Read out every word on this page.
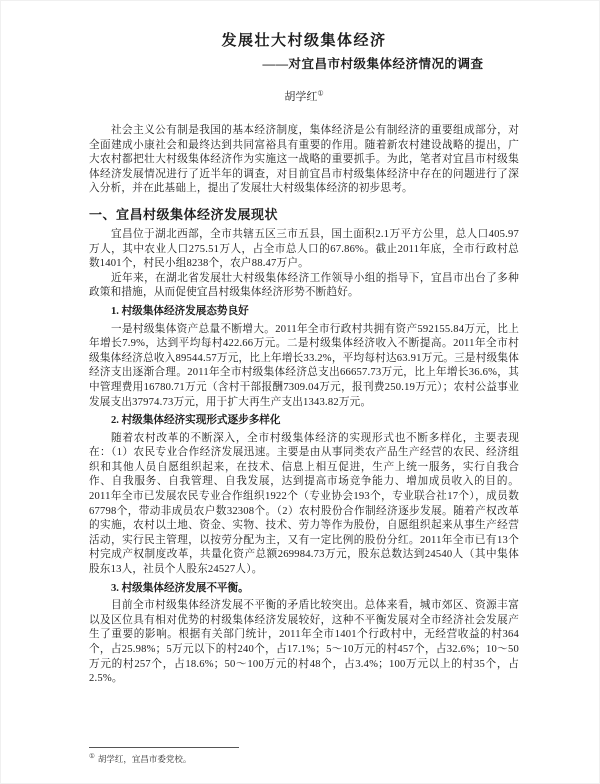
发展壮大村级集体经济
——对宜昌市村级集体经济情况的调查
胡学红①

社会主义公有制是我国的基本经济制度，集体经济是公有制经济的重要组成部分，对全面建成小康社会和最终达到共同富裕具有重要的作用。随着新农村建设战略的提出，广大农村都把壮大村级集体经济作为实施这一战略的重要抓手。为此，笔者对宜昌市村级集体经济发展情况进行了近半年的调查，对目前宜昌市村级集体经济中存在的问题进行了深入分析，并在此基础上，提出了发展壮大村级集体经济的初步思考。

一、宜昌村级集体经济发展现状

宜昌位于湖北西部，全市共辖五区三市五县，国土面积2.1万平方公里，总人口405.97万人，其中农业人口275.51万人，占全市总人口的67.86%。截止2011年底，全市行政村总数1401个，村民小组8238个，农户88.47万户。

近年来，在湖北省发展壮大村级集体经济工作领导小组的指导下，宜昌市出台了多种政策和措施，从而促使宜昌村级集体经济形势不断趋好。

1. 村级集体经济发展态势良好

一是村级集体资产总量不断增大。2011年全市行政村共拥有资产592155.84万元，比上年增长7.9%，达到平均每村422.66万元。二是村级集体经济收入不断提高。2011年全市村级集体经济总收入89544.57万元，比上年增长33.2%，平均每村达63.91万元。三是村级集体经济支出逐渐合理。2011年全市村级集体经济总支出66657.73万元，比上年增长36.6%，其中管理费用16780.71万元（含村干部报酬7309.04万元，报刊费250.19万元）；农村公益事业发展支出37974.73万元，用于扩大再生产支出1343.82万元。

2. 村级集体经济实现形式逐步多样化

随着农村改革的不断深入，全市村级集体经济的实现形式也不断多样化，主要表现在：（1）农民专业合作经济发展迅速。主要是由从事同类农产品生产经营的农民、经济组织和其他人员自愿组织起来，在技术、信息上相互促进，生产上统一服务，实行自我合作、自我服务、自我管理、自我发展，达到提高市场竞争能力、增加成员收入的目的。2011年全市已发展农民专业合作组织1922个（专业协会193个，专业联合社17个），成员数67798个，带动非成员农户数32308个。（2）农村股份合作制经济逐步发展。随着产权改革的实施，农村以土地、资金、实物、技术、劳力等作为股份，自愿组织起来从事生产经营活动，实行民主管理，以按劳分配为主，又有一定比例的股份分红。2011年全市已有13个村完成产权制度改革，共量化资产总额269984.73万元，股东总数达到24540人（其中集体股东13人，社员个人股东24527人）。

3. 村级集体经济发展不平衡。

目前全市村级集体经济发展不平衡的矛盾比较突出。总体来看，城市郊区、资源丰富以及区位具有相对优势的村级集体经济发展较好，这种不平衡发展对全市经济社会发展产生了重要的影响。根据有关部门统计，2011年全市1401个行政村中，无经营收益的村364个，占25.98%；5万元以下的村240个，占17.1%；5～10万元的村457个，占32.6%；10～50万元的村257个，占18.6%；50～100万元的村48个，占3.4%；100万元以上的村35个，占2.5%。

① 胡学红，宜昌市委党校。
